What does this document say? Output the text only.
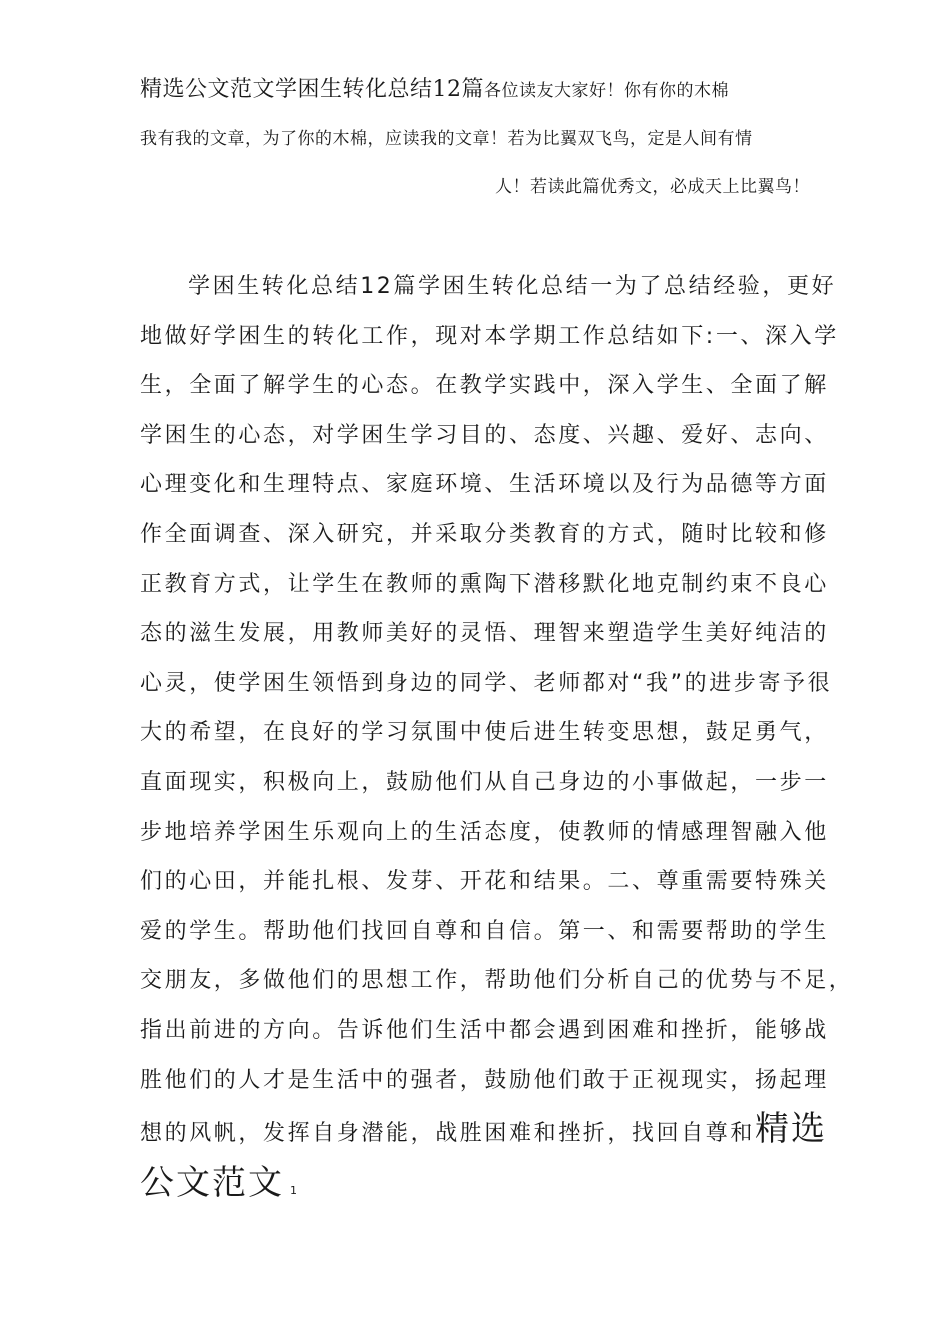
精选公文范文学困生转化总结12篇各位读友大家好！你有你的木棉
我有我的文章，为了你的木棉，应读我的文章！若为比翼双飞鸟，定是人间有情
人！若读此篇优秀文，必成天上比翼鸟！
学困生转化总结12篇学困生转化总结一为了总结经验，更好
地做好学困生的转化工作，现对本学期工作总结如下:一、深入学
生，全面了解学生的心态。在教学实践中，深入学生、全面了解
学困生的心态，对学困生学习目的、态度、兴趣、爱好、志向、
心理变化和生理特点、家庭环境、生活环境以及行为品德等方面
作全面调查、深入研究，并采取分类教育的方式，随时比较和修
正教育方式，让学生在教师的熏陶下潜移默化地克制约束不良心
态的滋生发展，用教师美好的灵悟、理智来塑造学生美好纯洁的
心灵，使学困生领悟到身边的同学、老师都对“我”的进步寄予很
大的希望，在良好的学习氛围中使后进生转变思想，鼓足勇气，
直面现实，积极向上，鼓励他们从自己身边的小事做起，一步一
步地培养学困生乐观向上的生活态度，使教师的情感理智融入他
们的心田，并能扎根、发芽、开花和结果。二、尊重需要特殊关
爱的学生。帮助他们找回自尊和自信。第一、和需要帮助的学生
交朋友，多做他们的思想工作，帮助他们分析自己的优势与不足，
指出前进的方向。告诉他们生活中都会遇到困难和挫折，能够战
胜他们的人才是生活中的强者，鼓励他们敢于正视现实，扬起理
想的风帆，发挥自身潜能，战胜困难和挫折，找回自尊和精选
公文范文 1
